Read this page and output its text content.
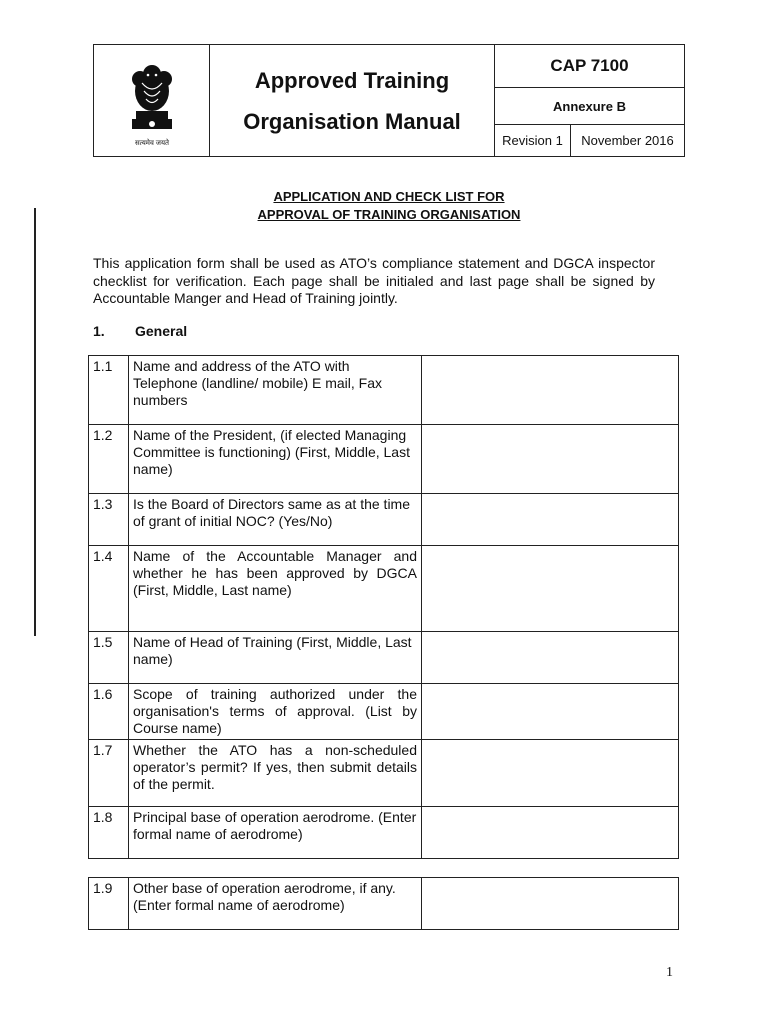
सत्यमेव जयते
Approved Training
Organisation Manual
CAP 7100
Annexure B
Revision 1	November 2016
APPLICATION AND CHECK LIST FOR
APPROVAL OF TRAINING ORGANISATION
This application form shall be used as ATO’s compliance statement and DGCA inspector checklist for verification. Each page shall be initialed and last page shall be signed by Accountable Manger and Head of Training jointly.
1. General
1.1	Name and address of the ATO with Telephone (landline/ mobile) E mail, Fax numbers	
1.2	Name of the President, (if elected Managing Committee is functioning) (First, Middle, Last name)	
1.3	Is the Board of Directors same as at the time of grant of initial NOC? (Yes/No)	
1.4	Name of the Accountable Manager and whether he has been approved by DGCA (First, Middle, Last name)	
1.5	Name of Head of Training (First, Middle, Last name)	
1.6	Scope of training authorized under the organisation's terms of approval. (List by Course name)	
1.7	Whether the ATO has a non-scheduled operator’s permit? If yes, then submit details of the permit.	
1.8	Principal base of operation aerodrome. (Enter formal name of aerodrome)	
1.9	Other base of operation aerodrome, if any. (Enter formal name of aerodrome)	
1
